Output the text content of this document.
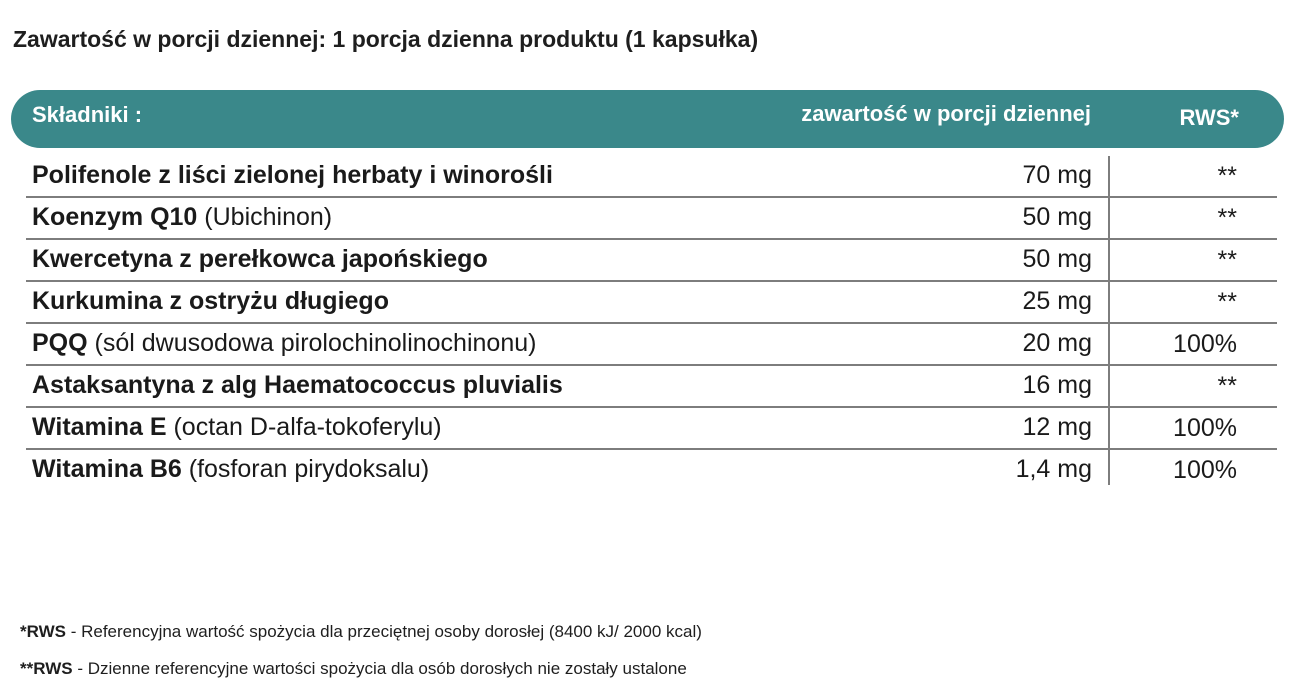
Zawartość w porcji dziennej: 1 porcja dzienna produktu (1 kapsułka)
Składniki :	zawartość w porcji dziennej	RWS*
Polifenole z liści zielonej herbaty i winorośli	70 mg	**
Koenzym Q10 (Ubichinon)	50 mg	**
Kwercetyna z perełkowca japońskiego	50 mg	**
Kurkumina z ostryżu długiego	25 mg	**
PQQ (sól dwusodowa pirolochinolinochinonu)	20 mg	100%
Astaksantyna z alg Haematococcus pluvialis	16 mg	**
Witamina E (octan D-alfa-tokoferylu)	12 mg	100%
Witamina B6 (fosforan pirydoksalu)	1,4 mg	100%
*RWS - Referencyjna wartość spożycia dla przeciętnej osoby dorosłej (8400 kJ/ 2000 kcal)
**RWS - Dzienne referencyjne wartości spożycia dla osób dorosłych nie zostały ustalone
